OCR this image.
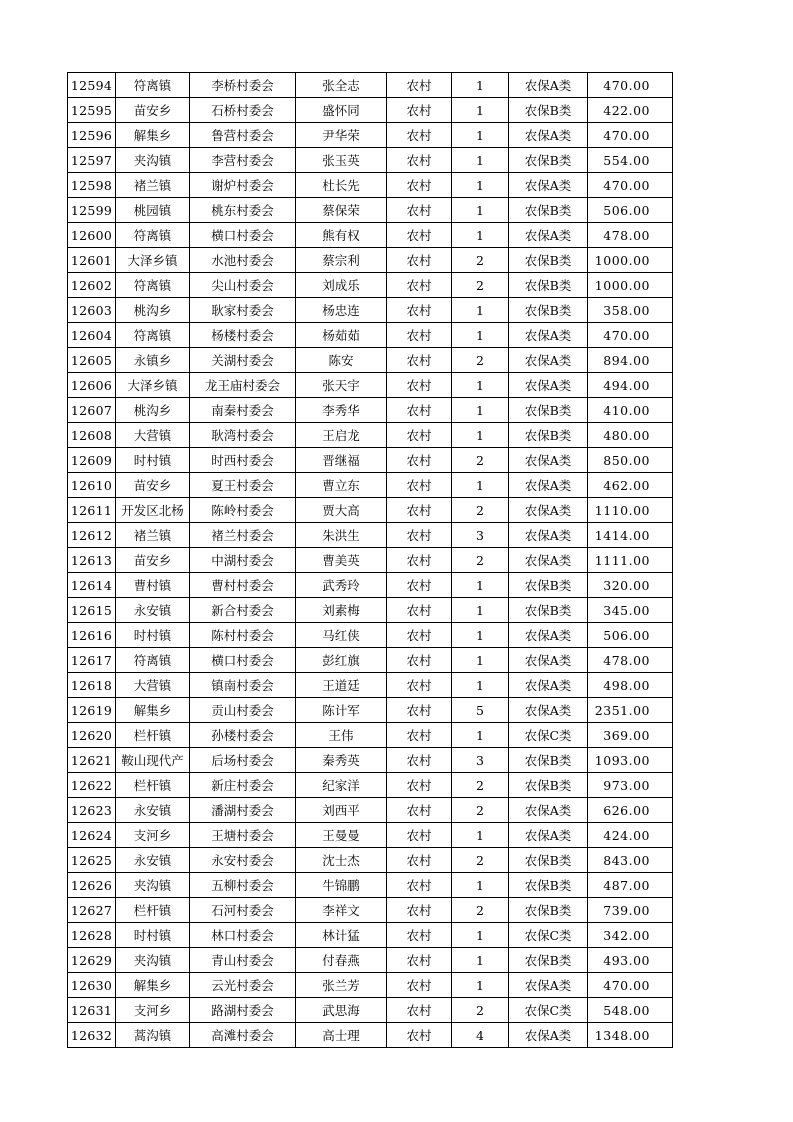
12594	符离镇	李桥村委会	张全志	农村	1	农保A类	470.00
12595	苗安乡	石桥村委会	盛怀同	农村	1	农保B类	422.00
12596	解集乡	鲁营村委会	尹华荣	农村	1	农保A类	470.00
12597	夹沟镇	李营村委会	张玉英	农村	1	农保B类	554.00
12598	褚兰镇	谢炉村委会	杜长先	农村	1	农保A类	470.00
12599	桃园镇	桃东村委会	蔡保荣	农村	1	农保B类	506.00
12600	符离镇	横口村委会	熊有权	农村	1	农保A类	478.00
12601	大泽乡镇	水池村委会	蔡宗利	农村	2	农保B类	1000.00
12602	符离镇	尖山村委会	刘成乐	农村	2	农保B类	1000.00
12603	桃沟乡	耿家村委会	杨忠连	农村	1	农保B类	358.00
12604	符离镇	杨楼村委会	杨茹茹	农村	1	农保A类	470.00
12605	永镇乡	关湖村委会	陈安	农村	2	农保A类	894.00
12606	大泽乡镇	龙王庙村委会	张天宇	农村	1	农保A类	494.00
12607	桃沟乡	南秦村委会	李秀华	农村	1	农保B类	410.00
12608	大营镇	耿湾村委会	王启龙	农村	1	农保B类	480.00
12609	时村镇	时西村委会	晋继福	农村	2	农保A类	850.00
12610	苗安乡	夏王村委会	曹立东	农村	1	农保A类	462.00
12611	开发区北杨	陈岭村委会	贾大高	农村	2	农保A类	1110.00
12612	褚兰镇	褚兰村委会	朱洪生	农村	3	农保A类	1414.00
12613	苗安乡	中湖村委会	曹美英	农村	2	农保A类	1111.00
12614	曹村镇	曹村村委会	武秀玲	农村	1	农保B类	320.00
12615	永安镇	新合村委会	刘素梅	农村	1	农保B类	345.00
12616	时村镇	陈村村委会	马红侠	农村	1	农保A类	506.00
12617	符离镇	横口村委会	彭红旗	农村	1	农保A类	478.00
12618	大营镇	镇南村委会	王道廷	农村	1	农保A类	498.00
12619	解集乡	贡山村委会	陈计军	农村	5	农保A类	2351.00
12620	栏杆镇	孙楼村委会	王伟	农村	1	农保C类	369.00
12621	鞍山现代产	后场村委会	秦秀英	农村	3	农保B类	1093.00
12622	栏杆镇	新庄村委会	纪家洋	农村	2	农保B类	973.00
12623	永安镇	潘湖村委会	刘西平	农村	2	农保A类	626.00
12624	支河乡	王塘村委会	王曼曼	农村	1	农保A类	424.00
12625	永安镇	永安村委会	沈士杰	农村	2	农保B类	843.00
12626	夹沟镇	五柳村委会	牛锦鹏	农村	1	农保B类	487.00
12627	栏杆镇	石河村委会	李祥文	农村	2	农保B类	739.00
12628	时村镇	林口村委会	林计猛	农村	1	农保C类	342.00
12629	夹沟镇	青山村委会	付春燕	农村	1	农保B类	493.00
12630	解集乡	云光村委会	张兰芳	农村	1	农保A类	470.00
12631	支河乡	路湖村委会	武思海	农村	2	农保C类	548.00
12632	蒿沟镇	高滩村委会	高士理	农村	4	农保A类	1348.00
